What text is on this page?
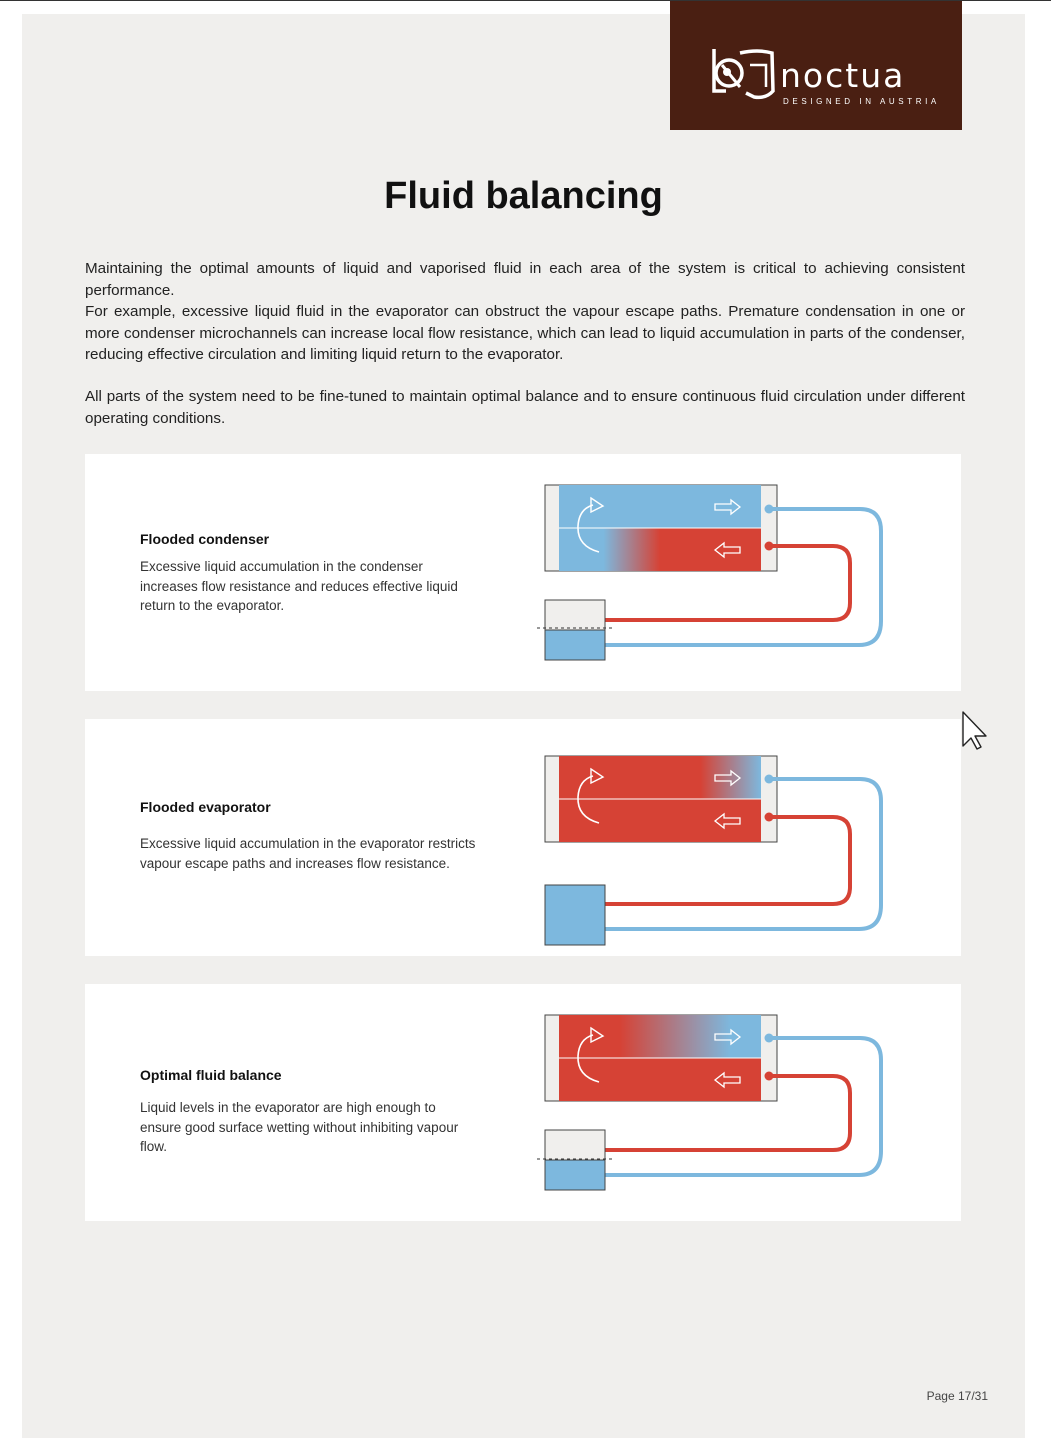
noctua
DESIGNED IN AUSTRIA
Fluid balancing

Maintaining the optimal amounts of liquid and vaporised fluid in each area of the system is critical to achieving consistent performance.

For example, excessive liquid fluid in the evaporator can obstruct the vapour escape paths. Premature condensation in one or more condenser microchannels can increase local flow resistance, which can lead to liquid accumulation in parts of the condenser, reducing effective circulation and limiting liquid return to the evaporator.

All parts of the system need to be fine-tuned to maintain optimal balance and to ensure continuous fluid circulation under different operating conditions.

Flooded condenser
Excessive liquid accumulation in the condenser increases flow resistance and reduces effective liquid return to the evaporator.
Flooded evaporator
Excessive liquid accumulation in the evaporator restricts vapour escape paths and increases flow resistance.
Optimal fluid balance
Liquid levels in the evaporator are high enough to ensure good surface wetting without inhibiting vapour flow.
Page 17/31
